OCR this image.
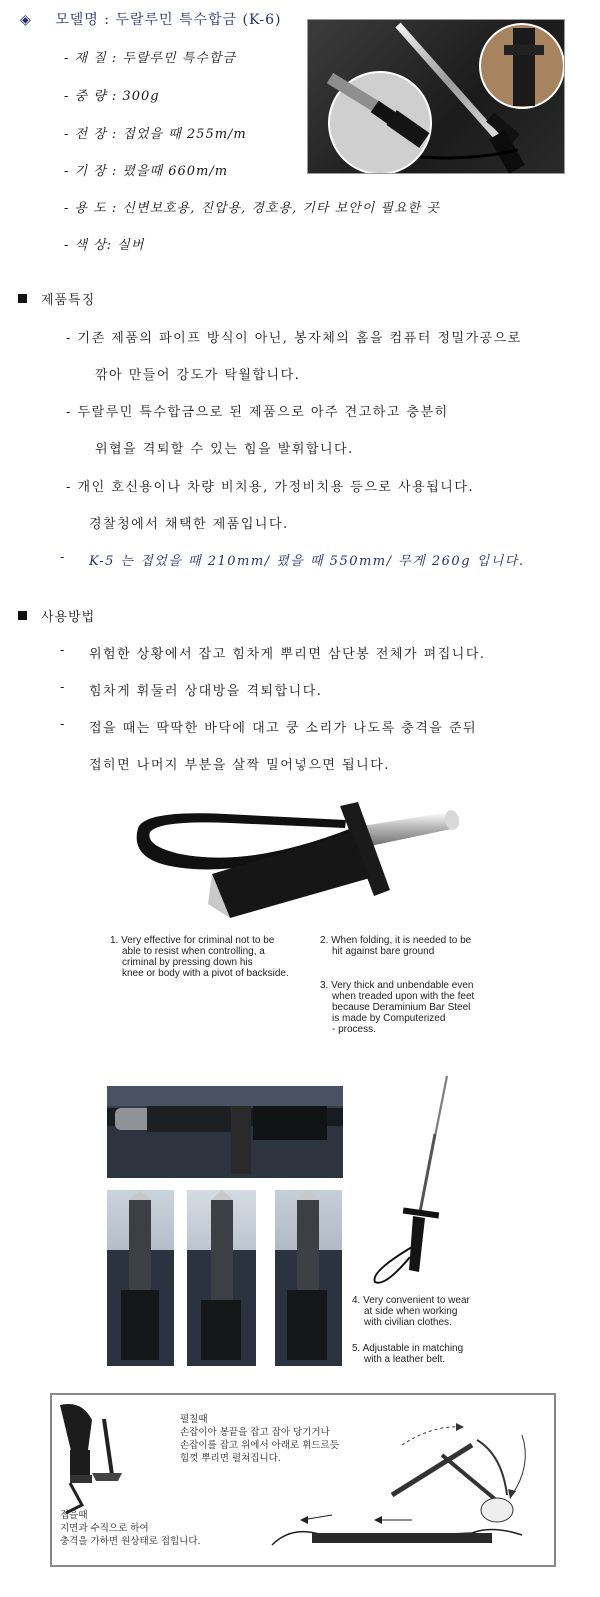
◈ 모델명 : 두랄루민 특수합금 (K-6)
- 재 질 : 두랄루민 특수합금
- 중 량 : 300g
- 전 장 : 접었을 때 255m/m
- 기 장 : 폈을때 660m/m
- 용 도 : 신변보호용, 진압용, 경호용, 기타 보안이 필요한 곳
- 색 상: 실버
제품특징
- 기존 제품의 파이프 방식이 아닌, 봉자체의 홈을 컴퓨터 정밀가공으로
깎아 만들어 강도가 탁월합니다.
- 두랄루민 특수합금으로 된 제품으로 아주 견고하고 충분히
위협을 격퇴할 수 있는 힘을 발휘합니다.
- 개인 호신용이나 차량 비치용, 가정비치용 등으로 사용됩니다.
경찰청에서 채택한 제품입니다.
- K-5 는 접었을 때 210mm/ 폈을 때 550mm/ 무게 260g 입니다.
사용방법
- 위험한 상황에서 잡고 힘차게 뿌리면 삼단봉 전체가 펴집니다.
- 힘차게 휘둘러 상대방을 격퇴합니다.
- 접을 때는 딱딱한 바닥에 대고 쿵 소리가 나도록 충격을 준뒤
접히면 나머지 부분을 살짝 밀어넣으면 됩니다.
1. Very effective for criminal not to be
able to resist when controlling, a
criminal by pressing down his
knee or body with a pivot of backside.
2. When folding, it is needed to be
hit against bare ground
3. Very thick and unbendable even
when treaded upon with the feet
because Deraminium Bar Steel
is made by Computerized
- process.
4. Very convenient to wear
at side when working
with civilian clothes.
5. Adjustable in matching
with a leather belt.
펼칠때
손잡이아 봉끝을 잡고 잡아 당기거나
손잡이를 잡고 위에서 아래로 휘드르듯
힘껏 뿌리면 펼쳐집니다.
접을때
지면과 수직으로 하여
충격을 가하면 원상태로 접힙니다.
